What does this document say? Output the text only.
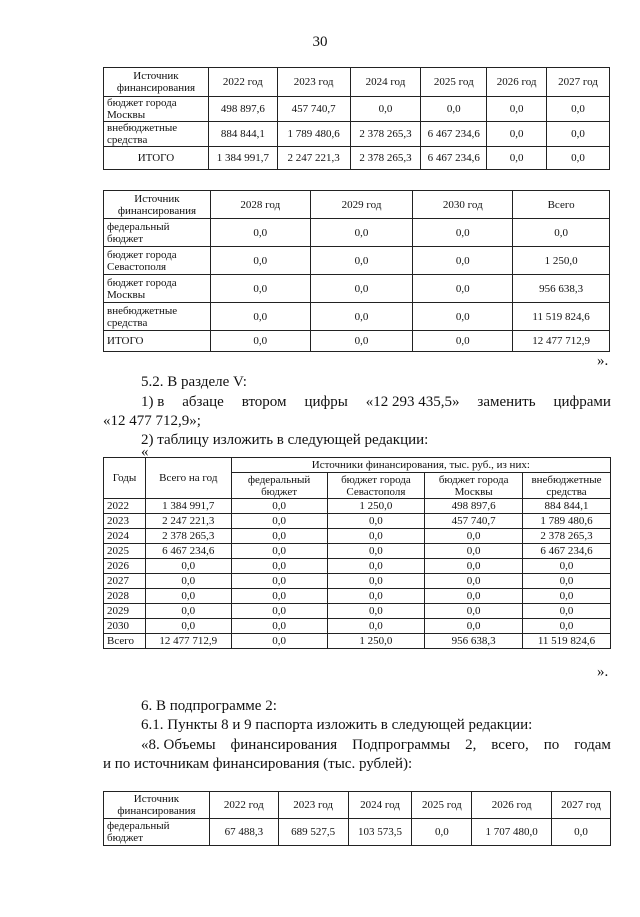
30
Источник финансирования	2022 год	2023 год	2024 год	2025 год	2026 год	2027 год
бюджет города Москвы	498 897,6	457 740,7	0,0	0,0	0,0	0,0
внебюджетные средства	884 844,1	1 789 480,6	2 378 265,3	6 467 234,6	0,0	0,0
ИТОГО	1 384 991,7	2 247 221,3	2 378 265,3	6 467 234,6	0,0	0,0
Источник финансирования	2028 год	2029 год	2030 год	Всего
федеральный бюджет	0,0	0,0	0,0	0,0
бюджет города Севастополя	0,0	0,0	0,0	1 250,0
бюджет города Москвы	0,0	0,0	0,0	956 638,3
внебюджетные средства	0,0	0,0	0,0	11 519 824,6
ИТОГО	0,0	0,0	0,0	12 477 712,9
».
5.2. В разделе V:
1) в абзаце втором цифры «12 293 435,5» заменить цифрами
«12 477 712,9»;
2) таблицу изложить в следующей редакции:
«
Годы	Всего на год	Источники финансирования, тыс. руб., из них:			
		федеральный бюджет	бюджет города Севастополя	бюджет города Москвы	внебюджетные средства
2022	1 384 991,7	0,0	1 250,0	498 897,6	884 844,1
2023	2 247 221,3	0,0	0,0	457 740,7	1 789 480,6
2024	2 378 265,3	0,0	0,0	0,0	2 378 265,3
2025	6 467 234,6	0,0	0,0	0,0	6 467 234,6
2026	0,0	0,0	0,0	0,0	0,0
2027	0,0	0,0	0,0	0,0	0,0
2028	0,0	0,0	0,0	0,0	0,0
2029	0,0	0,0	0,0	0,0	0,0
2030	0,0	0,0	0,0	0,0	0,0
Всего	12 477 712,9	0,0	1 250,0	956 638,3	11 519 824,6
».
6. В подпрограмме 2:
6.1. Пункты 8 и 9 паспорта изложить в следующей редакции:
«8. Объемы финансирования Подпрограммы 2, всего, по годам
и по источникам финансирования (тыс. рублей):
Источник финансирования	2022 год	2023 год	2024 год	2025 год	2026 год	2027 год
федеральный бюджет	67 488,3	689 527,5	103 573,5	0,0	1 707 480,0	0,0
